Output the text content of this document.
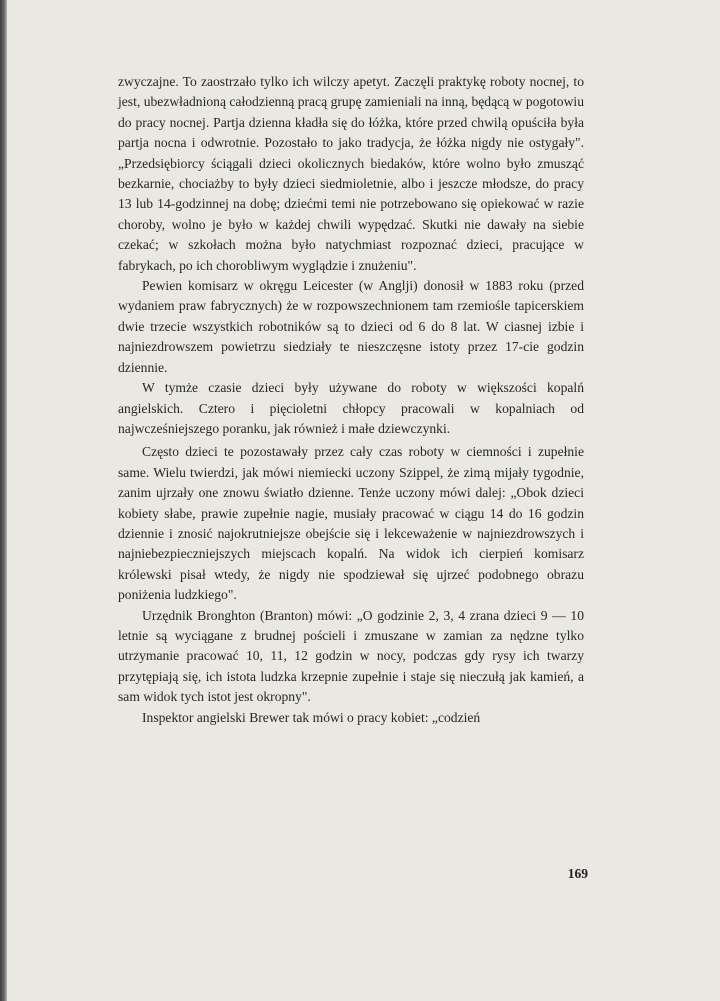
zwyczajne. To zaostrzało tylko ich wilczy apetyt. Zaczęli praktykę roboty nocnej, to jest, ubezwładnioną całodzienną pracą grupę zamieniali na inną, będącą w pogotowiu do pracy nocnej. Partja dzienna kładła się do łóżka, które przed chwilą opuściła była partja nocna i odwrotnie. Pozostało to jako tradycja, że łóżka nigdy nie ostygały". „Przedsiębiorcy ściągali dzieci okolicznych biedaków, które wolno było zmusząć bezkarnie, chociażby to były dzieci siedmioletnie, albo i jeszcze młodsze, do pracy 13 lub 14-godzinnej na dobę; dziećmi temi nie potrzebowano się opiekować w razie choroby, wolno je było w każdej chwili wypędzać. Skutki nie dawały na siebie czekać; w szkołach można było natychmiast rozpoznać dzieci, pracujące w fabrykach, po ich chorobliwym wyglądzie i znużeniu".

Pewien komisarz w okręgu Leicester (w Anglji) donosił w 1883 roku (przed wydaniem praw fabrycznych) że w rozpowszechnionem tam rzemiośle tapicerskiem dwie trzecie wszystkich robotników są to dzieci od 6 do 8 lat. W ciasnej izbie i najniezdrowszem powietrzu siedziały te nieszczęsne istoty przez 17-cie godzin dziennie.

W tymże czasie dzieci były używane do roboty w większości kopalń angielskich. Cztero i pięcioletni chłopcy pracowali w kopalniach od najwcześniejszego poranku, jak również i małe dziewczynki.

Często dzieci te pozostawały przez cały czas roboty w ciemności i zupełnie same. Wielu twierdzi, jak mówi niemiecki uczony Szippel, że zimą mijały tygodnie, zanim ujrzały one znowu światło dzienne. Tenże uczony mówi dalej: „Obok dzieci kobiety słabe, prawie zupełnie nagie, musiały pracować w ciągu 14 do 16 godzin dziennie i znosić najokrutniejsze obejście się i lekceważenie w najniezdrowszych i najniebezpieczniejszych miejscach kopalń. Na widok ich cierpień komisarz królewski pisał wtedy, że nigdy nie spodziewał się ujrzeć podobnego obrazu poniżenia ludzkiego".

Urzędnik Bronghton (Branton) mówi: „O godzinie 2, 3, 4 zrana dzieci 9 — 10 letnie są wyciągane z brudnej pościeli i zmuszane w zamian za nędzne tylko utrzymanie pracować 10, 11, 12 godzin w nocy, podczas gdy rysy ich twarzy przytępiają się, ich istota ludzka krzepnie zupełnie i staje się nieczułą jak kamień, a sam widok tych istot jest okropny".

Inspektor angielski Brewer tak mówi o pracy kobiet: „codzień

169
